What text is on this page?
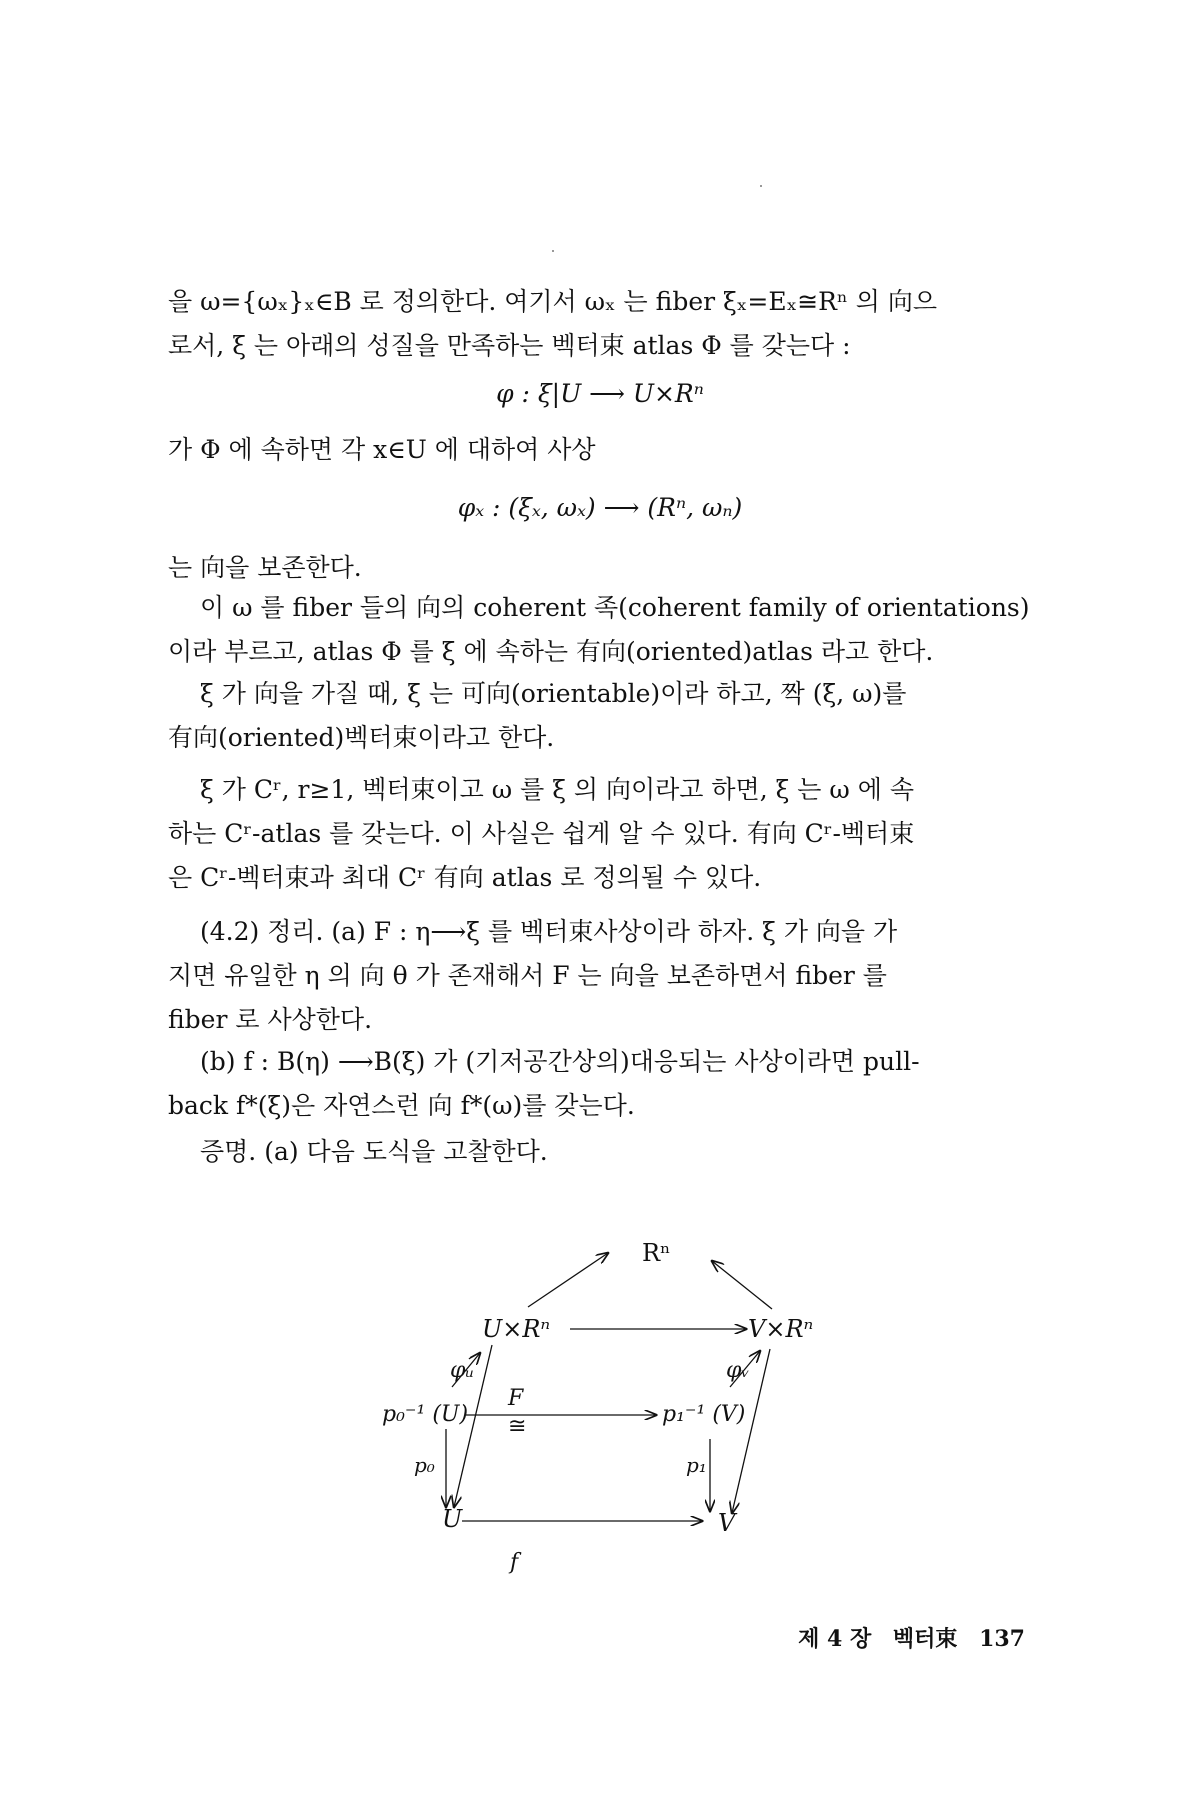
을 ω={ωₓ}ₓ∈B 로 정의한다. 여기서 ωₓ 는 fiber ξₓ=Eₓ≅Rⁿ 의 向으
로서, ξ 는 아래의 성질을 만족하는 벡터束 atlas Φ 를 갖는다 :
φ : ξ|U ⟶ U×Rⁿ
가 Φ 에 속하면 각 x∈U 에 대하여 사상
φₓ : (ξₓ, ωₓ) ⟶ (Rⁿ, ωₙ)
는 向을 보존한다.
이 ω 를 fiber 들의 向의 coherent 족(coherent family of orientations)
이라 부르고, atlas Φ 를 ξ 에 속하는 有向(oriented)atlas 라고 한다.
ξ 가 向을 가질 때, ξ 는 可向(orientable)이라 하고, 짝 (ξ, ω)를
有向(oriented)벡터束이라고 한다.
ξ 가 Cʳ, r≥1, 벡터束이고 ω 를 ξ 의 向이라고 하면, ξ 는 ω 에 속
하는 Cʳ-atlas 를 갖는다. 이 사실은 쉽게 알 수 있다. 有向 Cʳ-벡터束
은 Cʳ-벡터束과 최대 Cʳ 有向 atlas 로 정의될 수 있다.
(4.2) 정리. (a) F : η⟶ξ 를 벡터束사상이라 하자. ξ 가 向을 가
지면 유일한 η 의 向 θ 가 존재해서 F 는 向을 보존하면서 fiber 를
fiber 로 사상한다.
(b) f : B(η) ⟶B(ξ) 가 (기저공간상의)대응되는 사상이라면 pull-
back f*(ξ)은 자연스런 向 f*(ω)를 갖는다.
증명. (a) 다음 도식을 고찰한다.
Rⁿ
U×Rⁿ	V×Rⁿ
φᵤ	φᵥ
p₀⁻¹ (U)	p₁⁻¹ (V)
F
≅
p₀	p₁
U	V
f
제 4 장 벡터束 137
